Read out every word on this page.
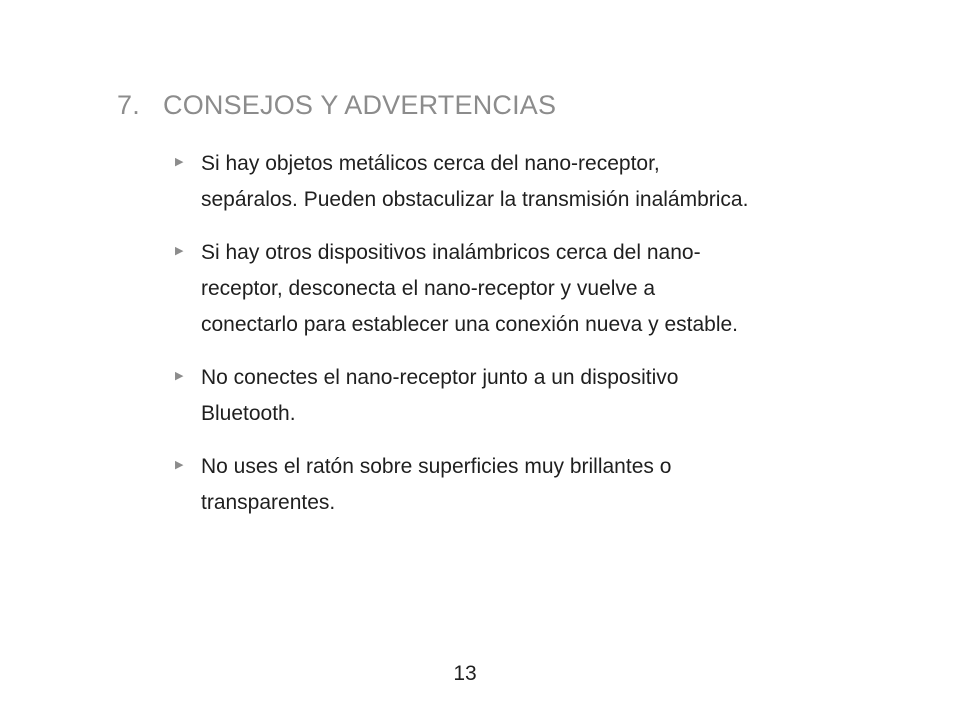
7. CONSEJOS Y ADVERTENCIAS
▶ Si hay objetos metálicos cerca del nano-receptor,
sepáralos. Pueden obstaculizar la transmisión inalámbrica.
▶ Si hay otros dispositivos inalámbricos cerca del nano-
receptor, desconecta el nano-receptor y vuelve a
conectarlo para establecer una conexión nueva y estable.
▶ No conectes el nano-receptor junto a un dispositivo
Bluetooth.
▶ No uses el ratón sobre superficies muy brillantes o
transparentes.
13
